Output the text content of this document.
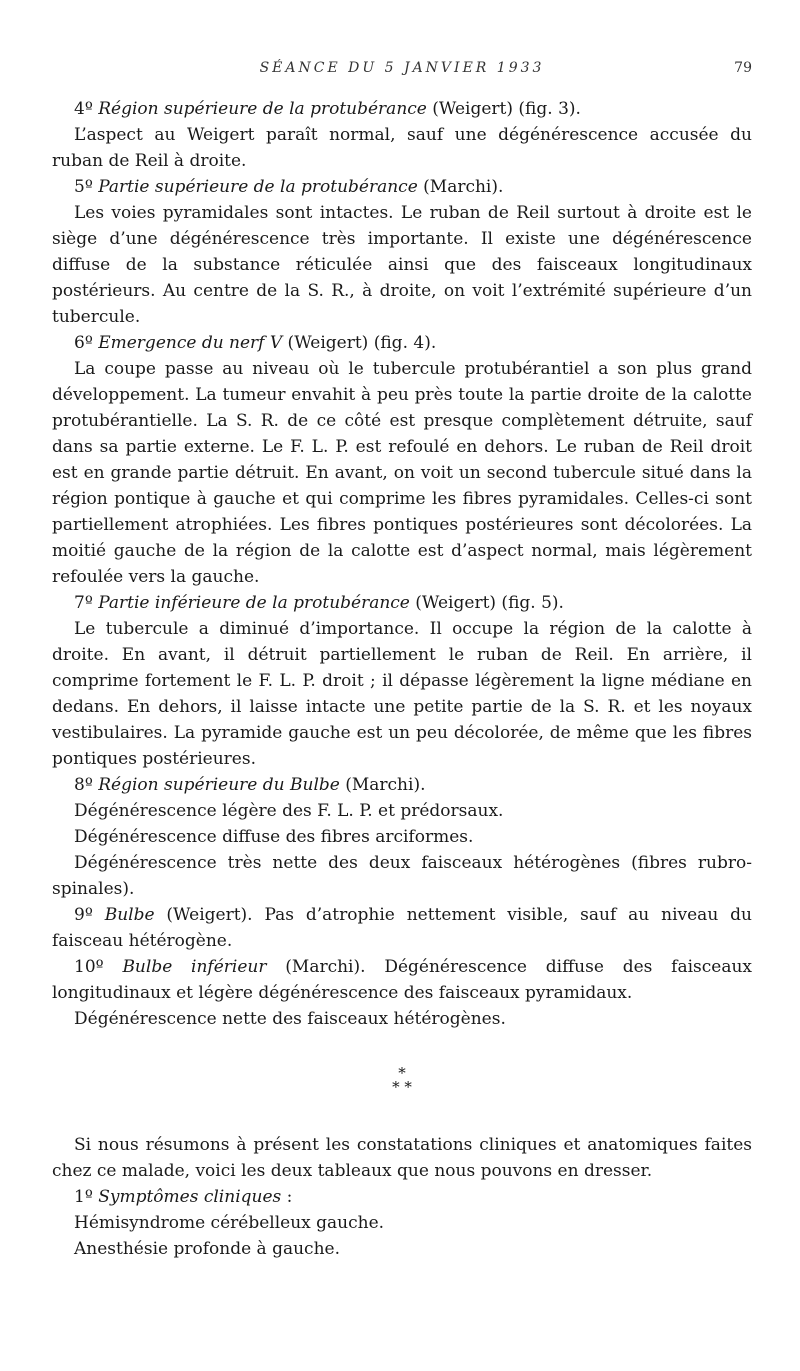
SÉANCE DU 5 JANVIER 1933	79

4º Région supérieure de la protubérance (Weigert) (fig. 3).

L’aspect au Weigert paraît normal, sauf une dégénérescence accusée du ruban de Reil à droite.

5º Partie supérieure de la protubérance (Marchi).

Les voies pyramidales sont intactes. Le ruban de Reil surtout à droite est le siège d’une dégénérescence très importante. Il existe une dégénérescence diffuse de la substance réticulée ainsi que des faisceaux longitudinaux postérieurs. Au centre de la S. R., à droite, on voit l’extrémité supérieure d’un tubercule.

6º Emergence du nerf V (Weigert) (fig. 4).

La coupe passe au niveau où le tubercule protubérantiel a son plus grand développement. La tumeur envahit à peu près toute la partie droite de la calotte protubérantielle. La S. R. de ce côté est presque complètement détruite, sauf dans sa partie externe. Le F. L. P. est refoulé en dehors. Le ruban de Reil droit est en grande partie détruit. En avant, on voit un second tubercule situé dans la région pontique à gauche et qui comprime les fibres pyramidales. Celles-ci sont partiellement atrophiées. Les fibres pontiques postérieures sont décolorées. La moitié gauche de la région de la calotte est d’aspect normal, mais légèrement refoulée vers la gauche.

7º Partie inférieure de la protubérance (Weigert) (fig. 5).

Le tubercule a diminué d’importance. Il occupe la région de la calotte à droite. En avant, il détruit partiellement le ruban de Reil. En arrière, il comprime fortement le F. L. P. droit ; il dépasse légèrement la ligne médiane en dedans. En dehors, il laisse intacte une petite partie de la S. R. et les noyaux vestibulaires. La pyramide gauche est un peu décolorée, de même que les fibres pontiques postérieures.

8º Région supérieure du Bulbe (Marchi).

Dégénérescence légère des F. L. P. et prédorsaux.

Dégénérescence diffuse des fibres arciformes.

Dégénérescence très nette des deux faisceaux hétérogènes (fibres rubro-spinales).

9º Bulbe (Weigert). Pas d’atrophie nettement visible, sauf au niveau du faisceau hétérogène.

10º Bulbe inférieur (Marchi). Dégénérescence diffuse des faisceaux longitudinaux et légère dégénérescence des faisceaux pyramidaux.

Dégénérescence nette des faisceaux hétérogènes.

*
* *

Si nous résumons à présent les constatations cliniques et anatomiques faites chez ce malade, voici les deux tableaux que nous pouvons en dresser.

1º Symptômes cliniques :

Hémisyndrome cérébelleux gauche.

Anesthésie profonde à gauche.
